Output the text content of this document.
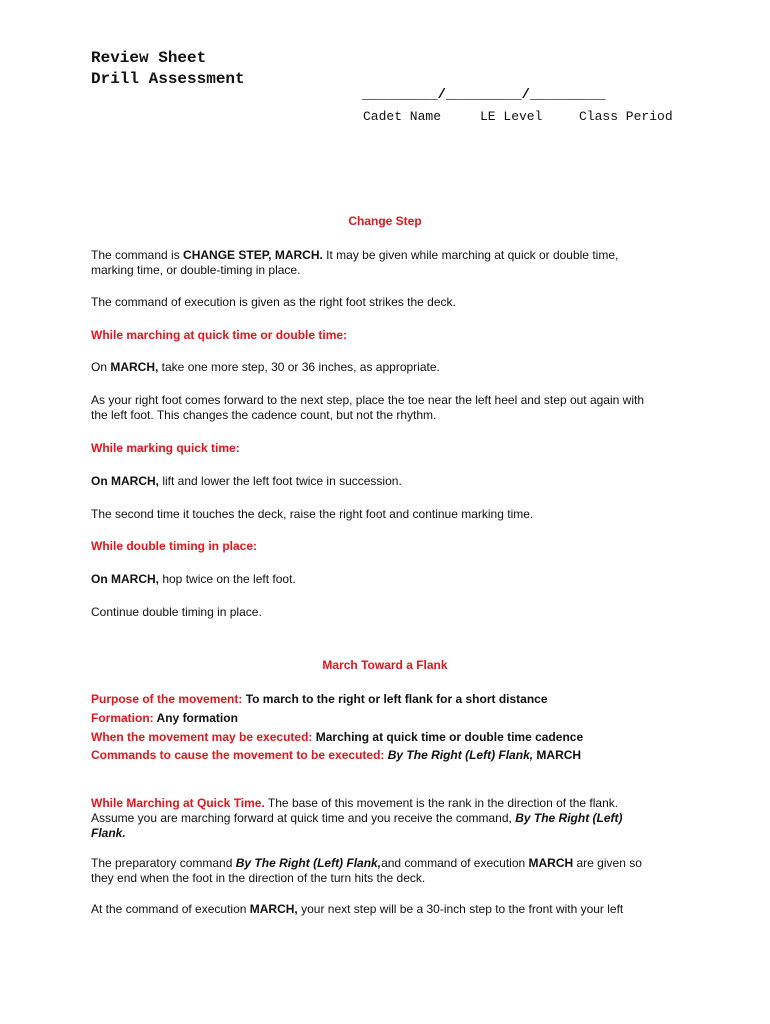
Review Sheet
Drill Assessment
_________/_________/_________

Cadet Name

	LE Level

	Class Period

Change Step
The command is CHANGE STEP, MARCH. It may be given while marching at quick or double time,
marking time, or double-timing in place.
The command of execution is given as the right foot strikes the deck.
While marching at quick time or double time:
On MARCH, take one more step, 30 or 36 inches, as appropriate.
As your right foot comes forward to the next step, place the toe near the left heel and step out again with
the left foot. This changes the cadence count, but not the rhythm.
While marking quick time:
On MARCH, lift and lower the left foot twice in succession.
The second time it touches the deck, raise the right foot and continue marking time.
While double timing in place:
On MARCH, hop twice on the left foot.
Continue double timing in place.
March Toward a Flank
Purpose of the movement: To march to the right or left flank for a short distance
Formation: Any formation
When the movement may be executed: Marching at quick time or double time cadence
Commands to cause the movement to be executed: By The Right (Left) Flank, MARCH
While Marching at Quick Time. The base of this movement is the rank in the direction of the flank.
Assume you are marching forward at quick time and you receive the command, By The Right (Left)
Flank.
The preparatory command By The Right (Left) Flank,and command of execution MARCH are given so
they end when the foot in the direction of the turn hits the deck.
At the command of execution MARCH, your next step will be a 30-inch step to the front with your left
